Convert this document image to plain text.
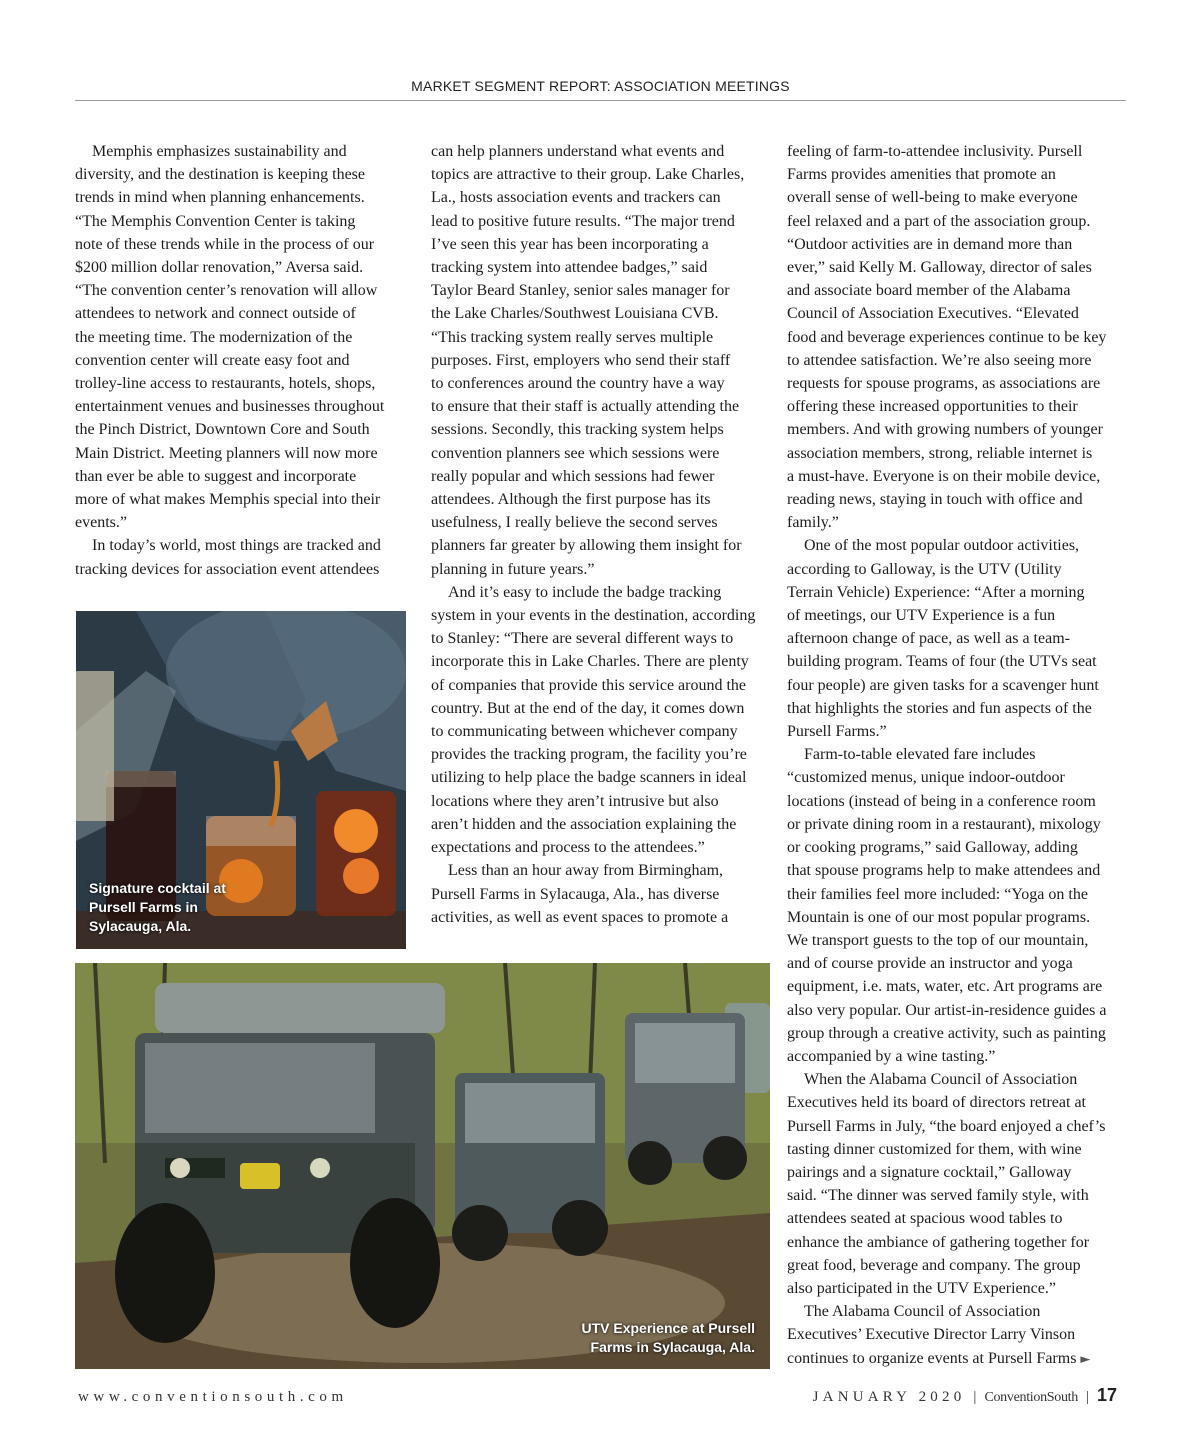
MARKET SEGMENT REPORT: ASSOCIATION MEETINGS
Memphis emphasizes sustainability and
diversity, and the destination is keeping these
trends in mind when planning enhancements.
“The Memphis Convention Center is taking
note of these trends while in the process of our
$200 million dollar renovation,” Aversa said.
“The convention center’s renovation will allow
attendees to network and connect outside of
the meeting time. The modernization of the
convention center will create easy foot and
trolley-line access to restaurants, hotels, shops,
entertainment venues and businesses throughout
the Pinch District, Downtown Core and South
Main District. Meeting planners will now more
than ever be able to suggest and incorporate
more of what makes Memphis special into their
events.”
In today’s world, most things are tracked and
tracking devices for association event attendees
can help planners understand what events and
topics are attractive to their group. Lake Charles,
La., hosts association events and trackers can
lead to positive future results. “The major trend
I’ve seen this year has been incorporating a
tracking system into attendee badges,” said
Taylor Beard Stanley, senior sales manager for
the Lake Charles/Southwest Louisiana CVB.
“This tracking system really serves multiple
purposes. First, employers who send their staff
to conferences around the country have a way
to ensure that their staff is actually attending the
sessions. Secondly, this tracking system helps
convention planners see which sessions were
really popular and which sessions had fewer
attendees. Although the first purpose has its
usefulness, I really believe the second serves
planners far greater by allowing them insight for
planning in future years.”
And it’s easy to include the badge tracking
system in your events in the destination, according
to Stanley: “There are several different ways to
incorporate this in Lake Charles. There are plenty
of companies that provide this service around the
country. But at the end of the day, it comes down
to communicating between whichever company
provides the tracking program, the facility you’re
utilizing to help place the badge scanners in ideal
locations where they aren’t intrusive but also
aren’t hidden and the association explaining the
expectations and process to the attendees.”
Less than an hour away from Birmingham,
Pursell Farms in Sylacauga, Ala., has diverse
activities, as well as event spaces to promote a
feeling of farm-to-attendee inclusivity. Pursell
Farms provides amenities that promote an
overall sense of well-being to make everyone
feel relaxed and a part of the association group.
“Outdoor activities are in demand more than
ever,” said Kelly M. Galloway, director of sales
and associate board member of the Alabama
Council of Association Executives. “Elevated
food and beverage experiences continue to be key
to attendee satisfaction. We’re also seeing more
requests for spouse programs, as associations are
offering these increased opportunities to their
members. And with growing numbers of younger
association members, strong, reliable internet is
a must-have. Everyone is on their mobile device,
reading news, staying in touch with office and
family.”
One of the most popular outdoor activities,
according to Galloway, is the UTV (Utility
Terrain Vehicle) Experience: “After a morning
of meetings, our UTV Experience is a fun
afternoon change of pace, as well as a team-
building program. Teams of four (the UTVs seat
four people) are given tasks for a scavenger hunt
that highlights the stories and fun aspects of the
Pursell Farms.”
Farm-to-table elevated fare includes
“customized menus, unique indoor-outdoor
locations (instead of being in a conference room
or private dining room in a restaurant), mixology
or cooking programs,” said Galloway, adding
that spouse programs help to make attendees and
their families feel more included: “Yoga on the
Mountain is one of our most popular programs.
We transport guests to the top of our mountain,
and of course provide an instructor and yoga
equipment, i.e. mats, water, etc. Art programs are
also very popular. Our artist-in-residence guides a
group through a creative activity, such as painting
accompanied by a wine tasting.”
When the Alabama Council of Association
Executives held its board of directors retreat at
Pursell Farms in July, “the board enjoyed a chef’s
tasting dinner customized for them, with wine
pairings and a signature cocktail,” Galloway
said. “The dinner was served family style, with
attendees seated at spacious wood tables to
enhance the ambiance of gathering together for
great food, beverage and company. The group
also participated in the UTV Experience.”
The Alabama Council of Association
Executives’ Executive Director Larry Vinson
continues to organize events at Pursell Farms ►
Signature cocktail at Pursell Farms in Sylacauga, Ala.
UTV Experience at Pursell Farms in Sylacauga, Ala.
www.conventionsouth.com	JANUARY 2020 | ConventionSouth | 17
